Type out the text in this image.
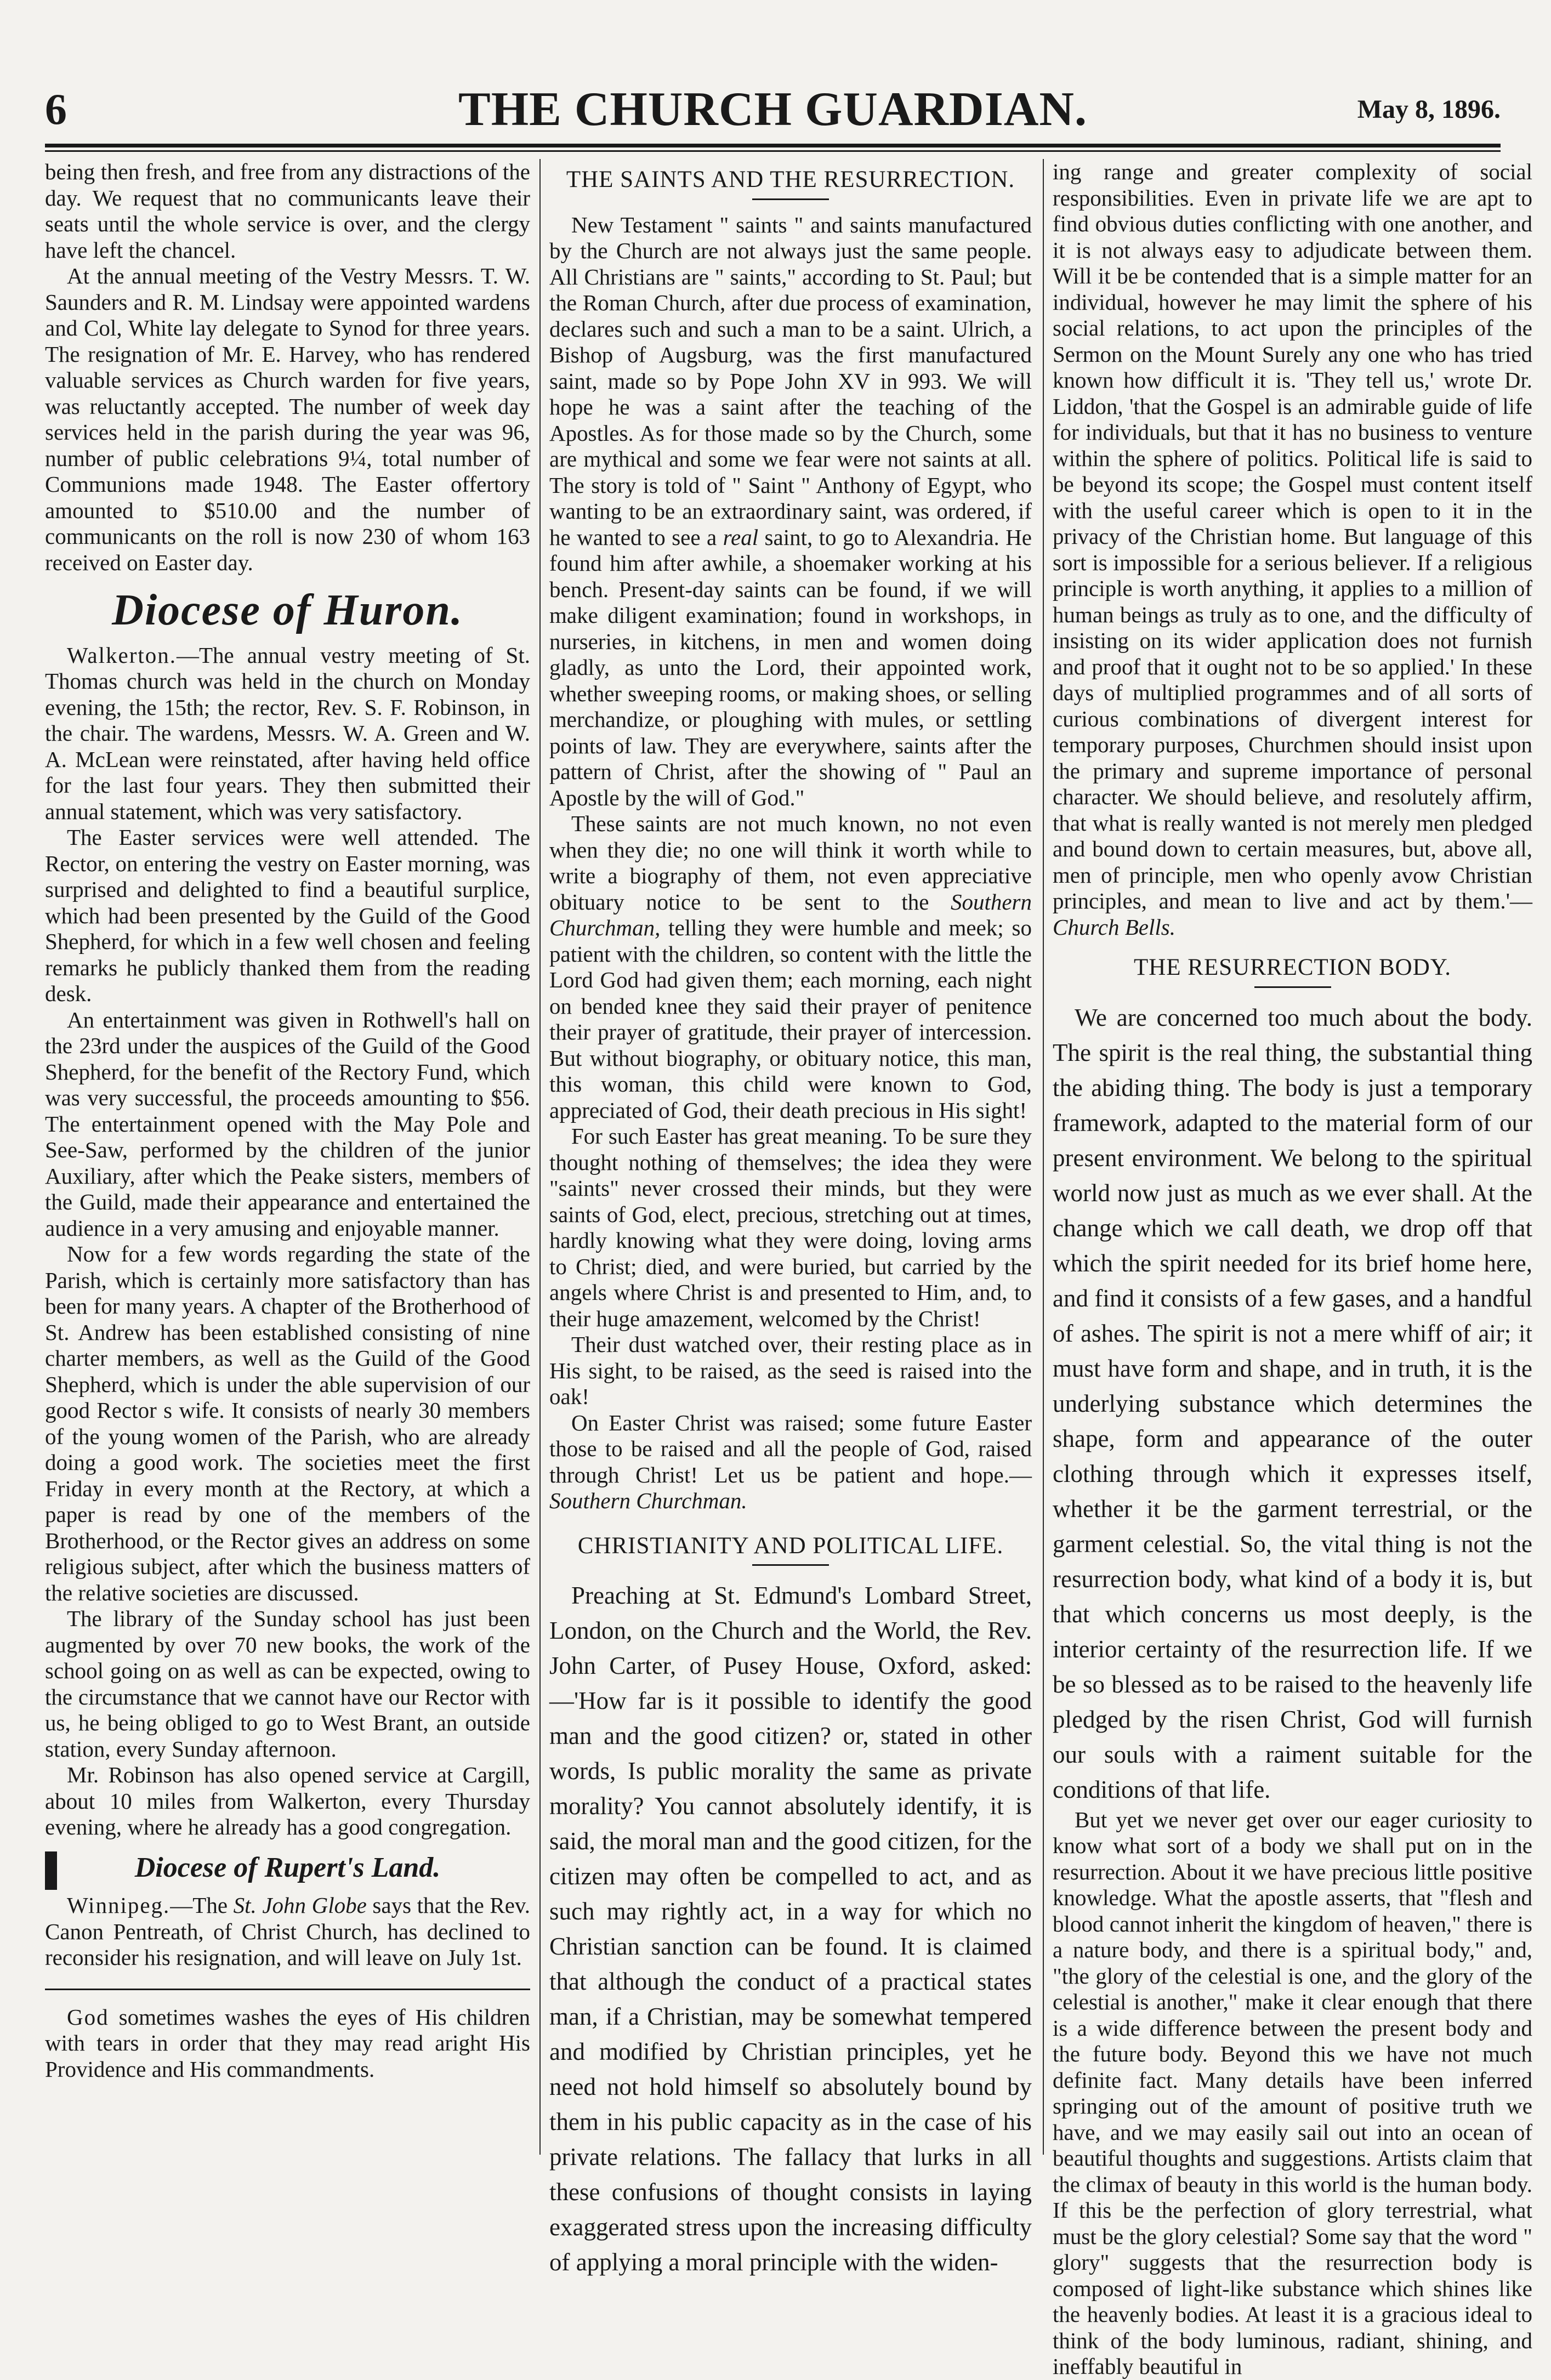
6	THE CHURCH GUARDIAN.	May 8, 1896.

being then fresh, and free from any distractions of the day. We request that no communicants leave their seats until the whole service is over, and the clergy have left the chancel.

At the annual meeting of the Vestry Messrs. T. W. Saunders and R. M. Lindsay were appointed wardens and Col, White lay delegate to Synod for three years. The resignation of Mr. E. Harvey, who has rendered valuable services as Church warden for five years, was reluctantly accepted. The number of week day services held in the parish during the year was 96, number of public celebrations 9¼, total number of Communions made 1948. The Easter offertory amounted to $510.00 and the number of communicants on the roll is now 230 of whom 163 received on Easter day.

Diocese of Huron.

Walkerton.—The annual vestry meeting of St. Thomas church was held in the church on Monday evening, the 15th; the rector, Rev. S. F. Robinson, in the chair. The wardens, Messrs. W. A. Green and W. A. McLean were reinstated, after having held office for the last four years. They then submitted their annual statement, which was very satisfactory.

The Easter services were well attended. The Rector, on entering the vestry on Easter morning, was surprised and delighted to find a beautiful surplice, which had been presented by the Guild of the Good Shepherd, for which in a few well chosen and feeling remarks he publicly thanked them from the reading desk.

An entertainment was given in Rothwell's hall on the 23rd under the auspices of the Guild of the Good Shepherd, for the benefit of the Rectory Fund, which was very successful, the proceeds amounting to $56. The entertainment opened with the May Pole and See-Saw, performed by the children of the junior Auxiliary, after which the Peake sisters, members of the Guild, made their appearance and entertained the audience in a very amusing and enjoyable manner.

Now for a few words regarding the state of the Parish, which is certainly more satisfactory than has been for many years. A chapter of the Brotherhood of St. Andrew has been established consisting of nine charter members, as well as the Guild of the Good Shepherd, which is under the able supervision of our good Rector s wife. It consists of nearly 30 members of the young women of the Parish, who are already doing a good work. The societies meet the first Friday in every month at the Rectory, at which a paper is read by one of the members of the Brotherhood, or the Rector gives an address on some religious subject, after which the business matters of the relative societies are discussed.

The library of the Sunday school has just been augmented by over 70 new books, the work of the school going on as well as can be expected, owing to the circumstance that we cannot have our Rector with us, he being obliged to go to West Brant, an outside station, every Sunday afternoon.

Mr. Robinson has also opened service at Cargill, about 10 miles from Walkerton, every Thursday evening, where he already has a good congregation.

Diocese of Rupert's Land.

Winnipeg.—The St. John Globe says that the Rev. Canon Pentreath, of Christ Church, has declined to reconsider his resignation, and will leave on July 1st.

God sometimes washes the eyes of His children with tears in order that they may read aright His Providence and His commandments.

THE SAINTS AND THE RESURRECTION.

New Testament " saints " and saints manufactured by the Church are not always just the same people. All Christians are " saints," according to St. Paul; but the Roman Church, after due process of examination, declares such and such a man to be a saint. Ulrich, a Bishop of Augsburg, was the first manufactured saint, made so by Pope John XV in 993. We will hope he was a saint after the teaching of the Apostles. As for those made so by the Church, some are mythical and some we fear were not saints at all. The story is told of " Saint " Anthony of Egypt, who wanting to be an extraordinary saint, was ordered, if he wanted to see a real saint, to go to Alexandria. He found him after awhile, a shoemaker working at his bench. Present-day saints can be found, if we will make diligent examination; found in workshops, in nurseries, in kitchens, in men and women doing gladly, as unto the Lord, their appointed work, whether sweeping rooms, or making shoes, or selling merchandize, or ploughing with mules, or settling points of law. They are everywhere, saints after the pattern of Christ, after the showing of " Paul an Apostle by the will of God."

These saints are not much known, no not even when they die; no one will think it worth while to write a biography of them, not even appreciative obituary notice to be sent to the Southern Churchman, telling they were humble and meek; so patient with the children, so content with the little the Lord God had given them; each morning, each night on bended knee they said their prayer of penitence their prayer of gratitude, their prayer of intercession. But without biography, or obituary notice, this man, this woman, this child were known to God, appreciated of God, their death precious in His sight!

For such Easter has great meaning. To be sure they thought nothing of themselves; the idea they were "saints" never crossed their minds, but they were saints of God, elect, precious, stretching out at times, hardly knowing what they were doing, loving arms to Christ; died, and were buried, but carried by the angels where Christ is and presented to Him, and, to their huge amazement, welcomed by the Christ!

Their dust watched over, their resting place as in His sight, to be raised, as the seed is raised into the oak!

On Easter Christ was raised; some future Easter those to be raised and all the people of God, raised through Christ! Let us be patient and hope.—Southern Churchman.

CHRISTIANITY AND POLITICAL LIFE.

Preaching at St. Edmund's Lombard Street, London, on the Church and the World, the Rev. John Carter, of Pusey House, Oxford, asked: —'How far is it possible to identify the good man and the good citizen? or, stated in other words, Is public morality the same as private morality? You cannot absolutely identify, it is said, the moral man and the good citizen, for the citizen may often be compelled to act, and as such may rightly act, in a way for which no Christian sanction can be found. It is claimed that although the conduct of a practical states man, if a Christian, may be somewhat tempered and modified by Christian principles, yet he need not hold himself so absolutely bound by them in his public capacity as in the case of his private relations. The fallacy that lurks in all these confusions of thought consists in laying exaggerated stress upon the increasing difficulty of applying a moral principle with the widen-

ing range and greater complexity of social responsibilities. Even in private life we are apt to find obvious duties conflicting with one another, and it is not always easy to adjudicate between them. Will it be be contended that is a simple matter for an individual, however he may limit the sphere of his social relations, to act upon the principles of the Sermon on the Mount Surely any one who has tried known how difficult it is. 'They tell us,' wrote Dr. Liddon, 'that the Gospel is an admirable guide of life for individuals, but that it has no business to venture within the sphere of politics. Political life is said to be beyond its scope; the Gospel must content itself with the useful career which is open to it in the privacy of the Christian home. But language of this sort is impossible for a serious believer. If a religious principle is worth anything, it applies to a million of human beings as truly as to one, and the difficulty of insisting on its wider application does not furnish and proof that it ought not to be so applied.' In these days of multiplied programmes and of all sorts of curious combinations of divergent interest for temporary purposes, Churchmen should insist upon the primary and supreme importance of personal character. We should believe, and resolutely affirm, that what is really wanted is not merely men pledged and bound down to certain measures, but, above all, men of principle, men who openly avow Christian principles, and mean to live and act by them.'—Church Bells.

THE RESURRECTION BODY.

We are concerned too much about the body. The spirit is the real thing, the substantial thing the abiding thing. The body is just a temporary framework, adapted to the material form of our present environment. We belong to the spiritual world now just as much as we ever shall. At the change which we call death, we drop off that which the spirit needed for its brief home here, and find it consists of a few gases, and a handful of ashes. The spirit is not a mere whiff of air; it must have form and shape, and in truth, it is the underlying substance which determines the shape, form and appearance of the outer clothing through which it expresses itself, whether it be the garment terrestrial, or the garment celestial. So, the vital thing is not the resurrection body, what kind of a body it is, but that which concerns us most deeply, is the interior certainty of the resurrection life. If we be so blessed as to be raised to the heavenly life pledged by the risen Christ, God will furnish our souls with a raiment suitable for the conditions of that life.

But yet we never get over our eager curiosity to know what sort of a body we shall put on in the resurrection. About it we have precious little positive knowledge. What the apostle asserts, that "flesh and blood cannot inherit the kingdom of heaven," there is a nature body, and there is a spiritual body," and, "the glory of the celestial is one, and the glory of the celestial is another," make it clear enough that there is a wide difference between the present body and the future body. Beyond this we have not much definite fact. Many details have been inferred springing out of the amount of positive truth we have, and we may easily sail out into an ocean of beautiful thoughts and suggestions. Artists claim that the climax of beauty in this world is the human body. If this be the perfection of glory terrestrial, what must be the glory celestial? Some say that the word " glory" suggests that the resurrection body is composed of light-like substance which shines like the heavenly bodies. At least it is a gracious ideal to think of the body luminous, radiant, shining, and ineffably beautiful in
